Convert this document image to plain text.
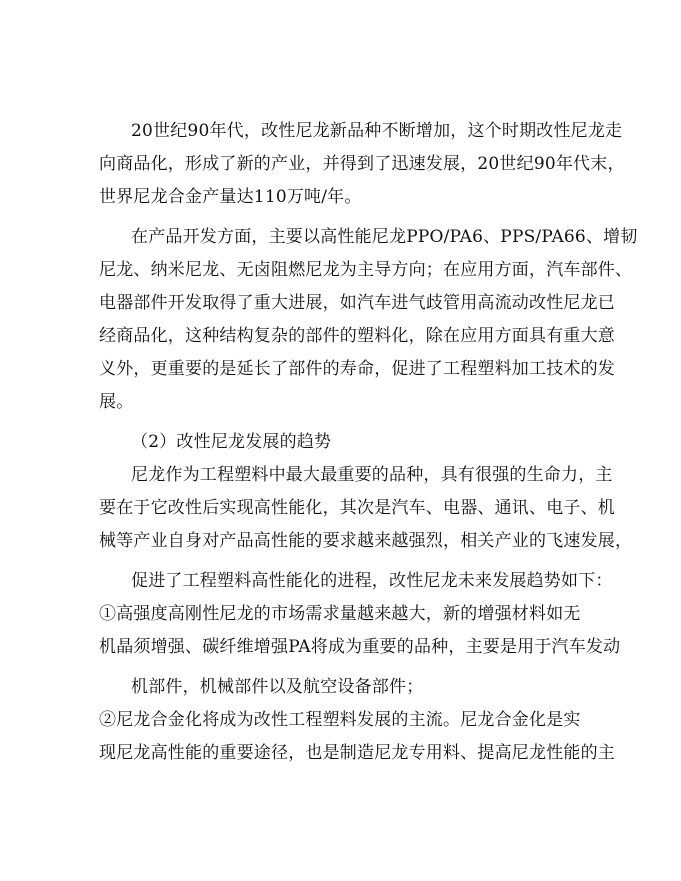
20世纪90年代，改性尼龙新品种不断增加，这个时期改性尼龙走
向商品化，形成了新的产业，并得到了迅速发展，20世纪90年代末，
世界尼龙合金产量达110万吨/年。
在产品开发方面，主要以高性能尼龙PPO/PA6、PPS/PA66、增韧
尼龙、纳米尼龙、无卤阻燃尼龙为主导方向；在应用方面，汽车部件、
电器部件开发取得了重大进展，如汽车进气歧管用高流动改性尼龙已
经商品化，这种结构复杂的部件的塑料化，除在应用方面具有重大意
义外，更重要的是延长了部件的寿命，促进了工程塑料加工技术的发
展。
（2）改性尼龙发展的趋势
尼龙作为工程塑料中最大最重要的品种，具有很强的生命力，主
要在于它改性后实现高性能化，其次是汽车、电器、通讯、电子、机
械等产业自身对产品高性能的要求越来越强烈，相关产业的飞速发展，
促进了工程塑料高性能化的进程，改性尼龙未来发展趋势如下：
①高强度高刚性尼龙的市场需求量越来越大，新的增强材料如无
机晶须增强、碳纤维增强PA将成为重要的品种，主要是用于汽车发动
机部件，机械部件以及航空设备部件；
②尼龙合金化将成为改性工程塑料发展的主流。尼龙合金化是实
现尼龙高性能的重要途径，也是制造尼龙专用料、提高尼龙性能的主
